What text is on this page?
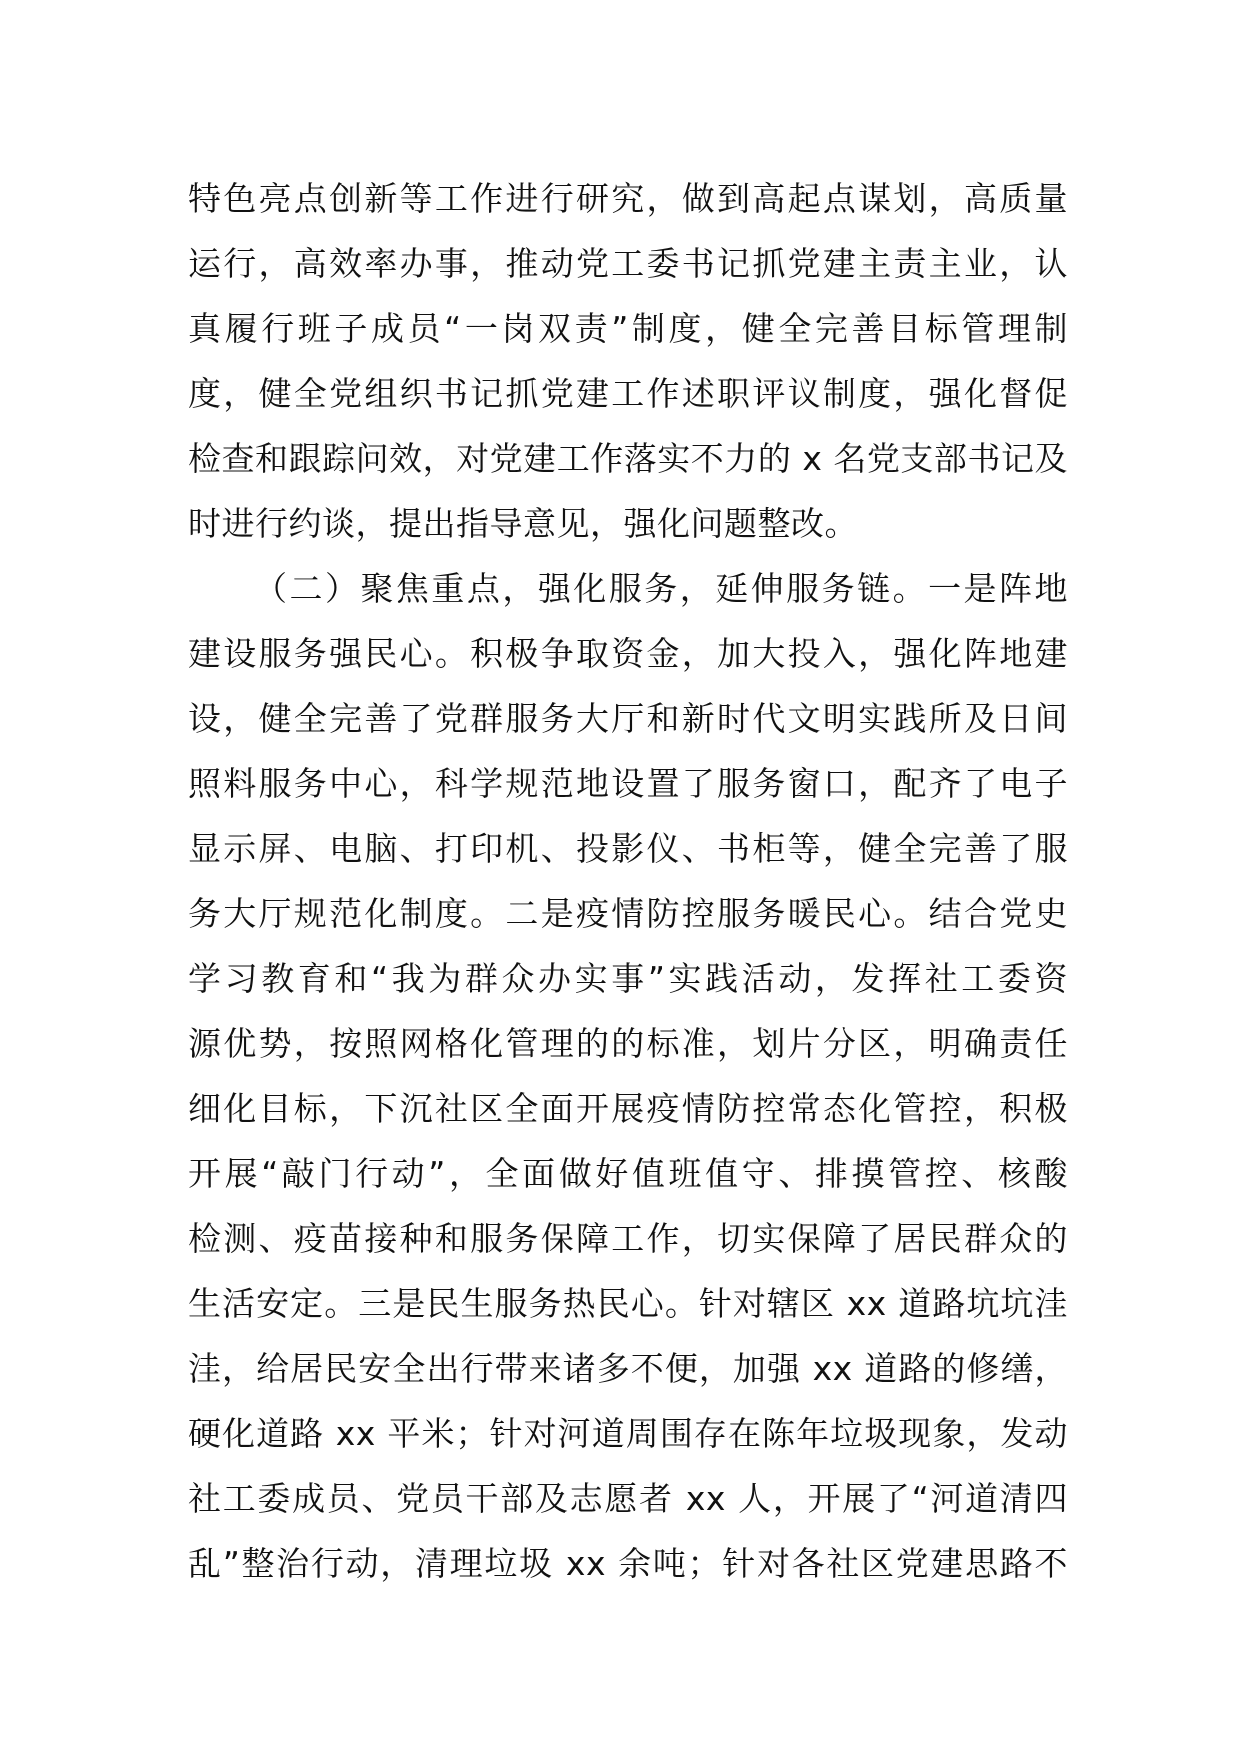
特色亮点创新等工作进行研究，做到高起点谋划，高质量
运行，高效率办事，推动党工委书记抓党建主责主业，认
真履行班子成员“一岗双责”制度，健全完善目标管理制
度，健全党组织书记抓党建工作述职评议制度，强化督促
检查和跟踪问效，对党建工作落实不力的 x 名党支部书记及
时进行约谈，提出指导意见，强化问题整改。
（二）聚焦重点，强化服务，延伸服务链。一是阵地
建设服务强民心。积极争取资金，加大投入，强化阵地建
设，健全完善了党群服务大厅和新时代文明实践所及日间
照料服务中心，科学规范地设置了服务窗口，配齐了电子
显示屏、电脑、打印机、投影仪、书柜等，健全完善了服
务大厅规范化制度。二是疫情防控服务暖民心。结合党史
学习教育和“我为群众办实事”实践活动，发挥社工委资
源优势，按照网格化管理的的标准，划片分区，明确责任
细化目标，下沉社区全面开展疫情防控常态化管控，积极
开展“敲门行动”，全面做好值班值守、排摸管控、核酸
检测、疫苗接种和服务保障工作，切实保障了居民群众的
生活安定。三是民生服务热民心。针对辖区 xx 道路坑坑洼
洼，给居民安全出行带来诸多不便，加强 xx 道路的修缮，
硬化道路 xx 平米；针对河道周围存在陈年垃圾现象，发动
社工委成员、党员干部及志愿者 xx 人，开展了“河道清四
乱”整治行动，清理垃圾 xx 余吨；针对各社区党建思路不
